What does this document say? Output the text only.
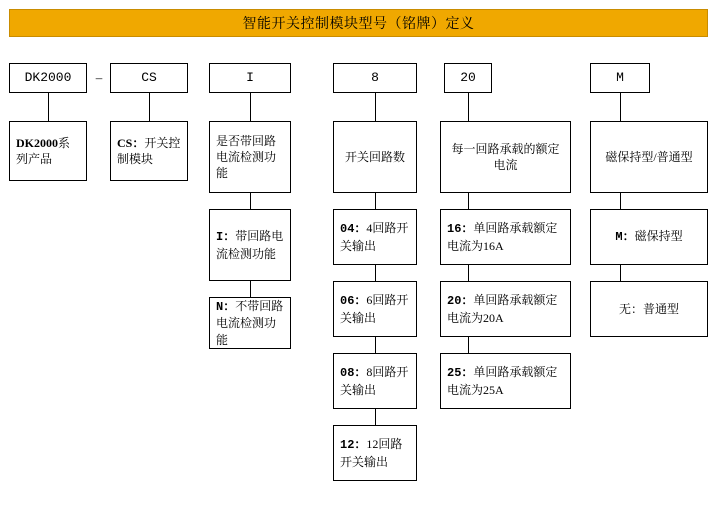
智能开关控制模块型号（铭牌）定义
DK2000
DK2000系列产品
–	CS
CS：开关控制模块
I
是否带回路电流检测功能
I：带回路电流检测功能
N：不带回路电流检测功能
8
开关回路数
04：4回路开关输出
06：6回路开关输出
08：8回路开关输出
12：12回路开关输出
20
每一回路承载的额定电流
16：单回路承载额定电流为16A
20：单回路承载额定电流为20A
25：单回路承载额定电流为25A
M
磁保持型/普通型
M：磁保持型
无：普通型
